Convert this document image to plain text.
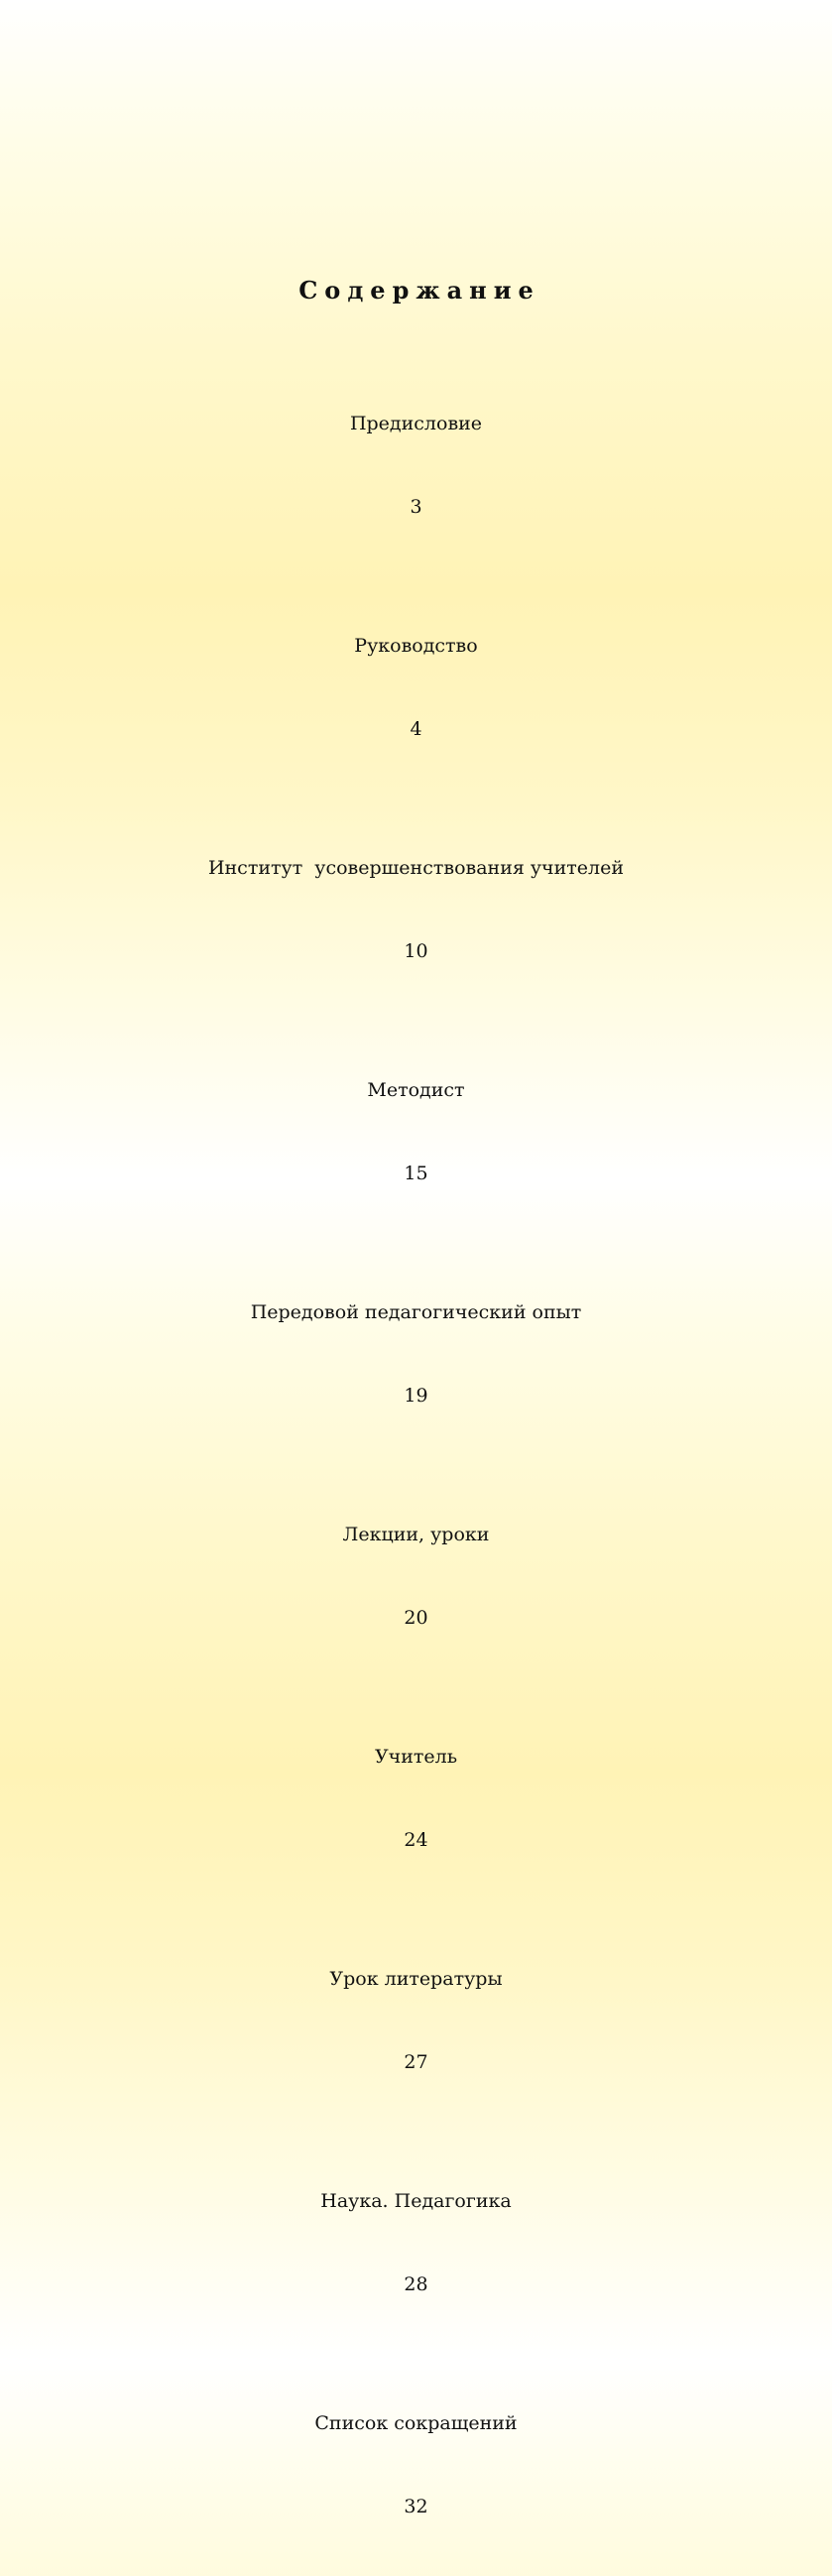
Содержание

Предисловие

3

Руководство

4

Институт  усовершенствования учителей

10

Методист

15

Передовой педагогический опыт

19

Лекции, уроки

20

Учитель

24

Урок литературы

27

Наука. Педагогика

28

Список сокращений

32
